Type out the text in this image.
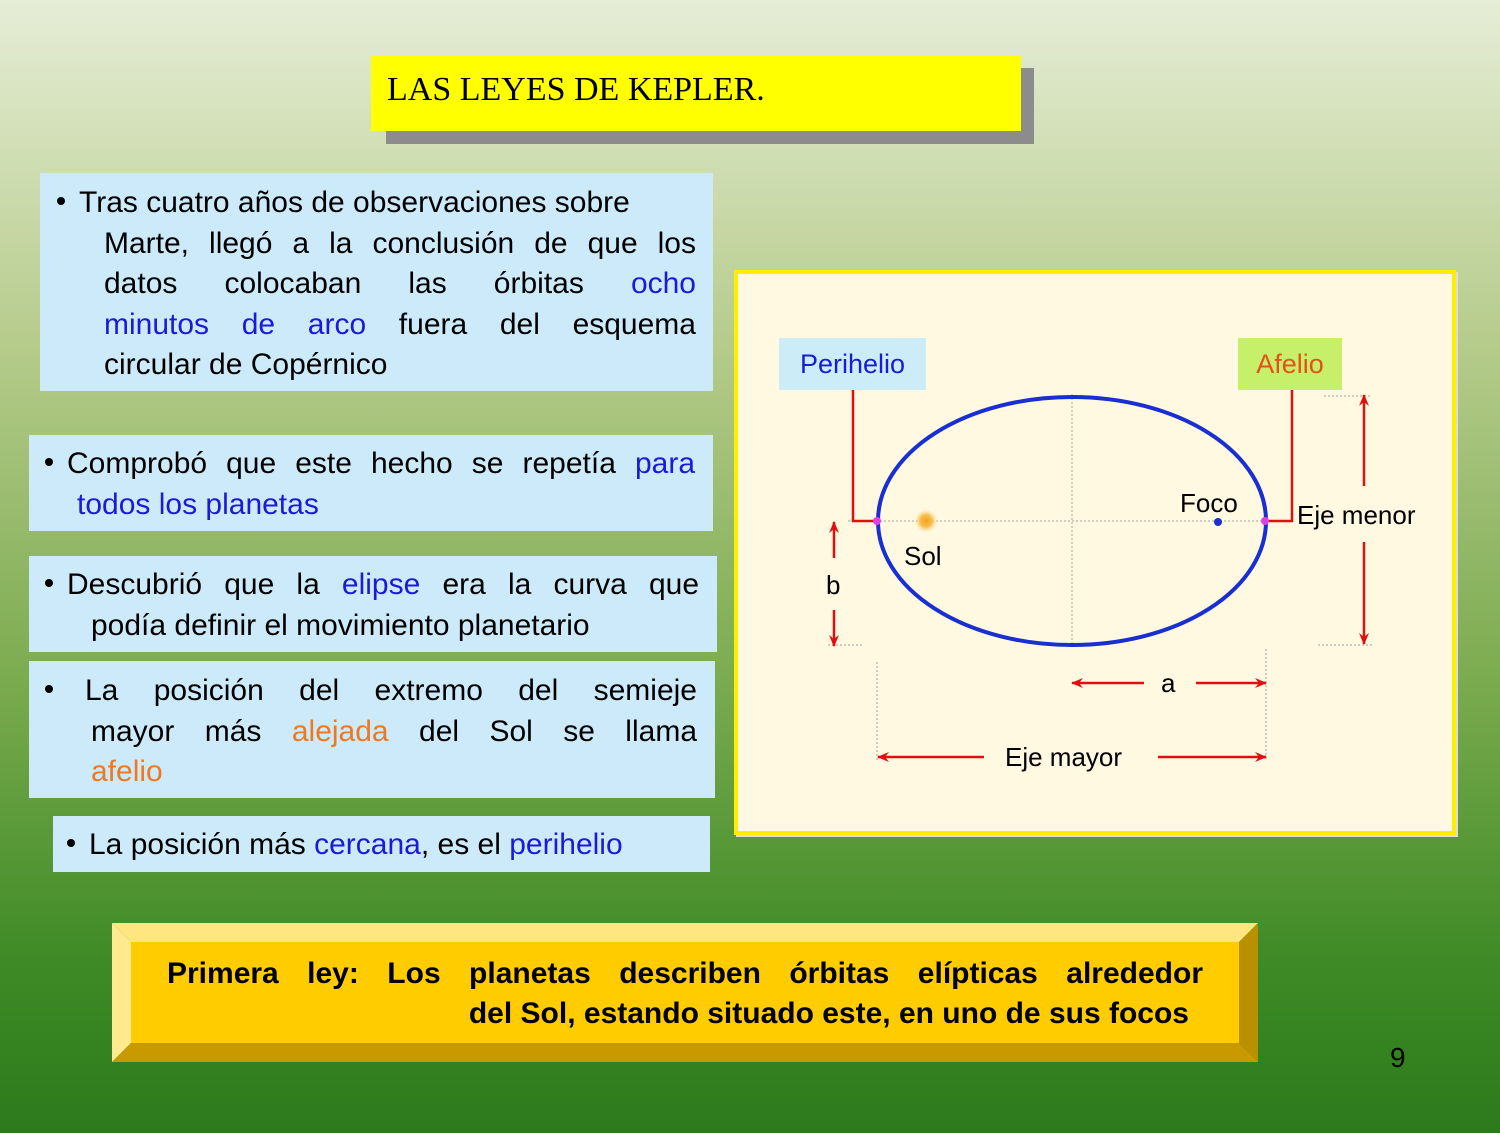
LAS LEYES DE KEPLER.
Tras cuatro años de observaciones sobre
Marte, llegó a la conclusión de que los
datos colocaban las órbitas ocho
minutos de arco fuera del esquema
circular de Copérnico
Comprobó que este hecho se repetía para
todos los planetas
Descubrió que la elipse era la curva que
podía definir el movimiento planetario
La posición del extremo del semieje
mayor más alejada del Sol se llama
afelio
La posición más cercana, es el perihelio
Perihelio	Afelio
Foco
Sol
Eje menor
b
a
Eje mayor
Primera ley: Los planetas describen órbitas elípticas alrededor
del Sol, estando situado este, en uno de sus focos
9
